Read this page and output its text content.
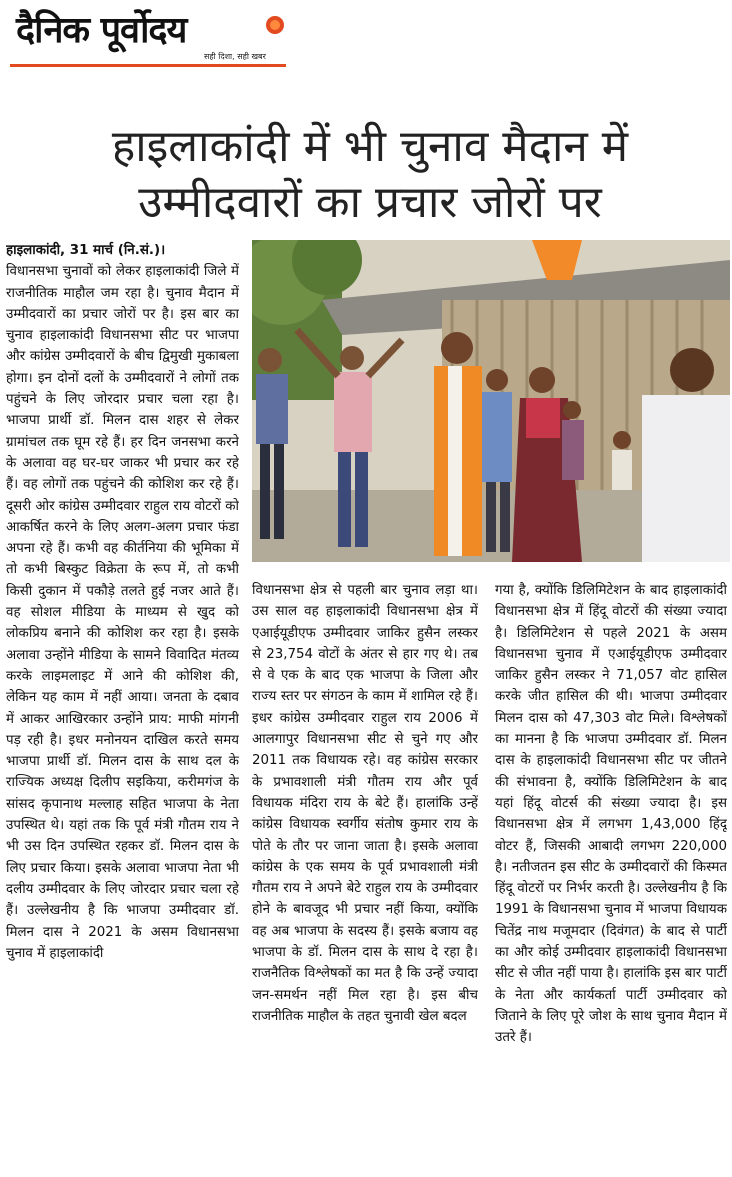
दैनिक पूर्वोदय
सही दिशा, सही खबर
हाइलाकांदी में भी चुनाव मैदान में
उम्मीदवारों का प्रचार जोरों पर

हाइलाकांदी, 31 मार्च (नि.सं.)।

विधानसभा चुनावों को लेकर हाइलाकांदी जिले में राजनीतिक माहौल जम रहा है। चुनाव मैदान में उम्मीदवारों का प्रचार जोरों पर है। इस बार का चुनाव हाइलाकांदी विधानसभा सीट पर भाजपा और कांग्रेस उम्मीदवारों के बीच द्विमुखी मुकाबला होगा। इन दोनों दलों के उम्मीदवारों ने लोगों तक पहुंचने के लिए जोरदार प्रचार चला रहा है। भाजपा प्रार्थी डॉ. मिलन दास शहर से लेकर ग्रामांचल तक घूम रहे हैं। हर दिन जनसभा करने के अलावा वह घर-घर जाकर भी प्रचार कर रहे हैं। वह लोगों तक पहुंचने की कोशिश कर रहे हैं। दूसरी ओर कांग्रेस उम्मीदवार राहुल राय वोटरों को आकर्षित करने के लिए अलग-अलग प्रचार फंडा अपना रहे हैं। कभी वह कीर्तनिया की भूमिका में तो कभी बिस्कुट विक्रेता के रूप में, तो कभी किसी दुकान में पकौड़े तलते हुई नजर आते हैं। वह सोशल मीडिया के माध्यम से खुद को लोकप्रिय बनाने की कोशिश कर रहा है। इसके अलावा उन्होंने मीडिया के सामने विवादित मंतव्य करके लाइमलाइट में आने की कोशिश की, लेकिन यह काम में नहीं आया। जनता के दबाव में आकर आखिरकार उन्होंने प्राय: माफी मांगनी पड़ रही है। इधर मनोनयन दाखिल करते समय भाजपा प्रार्थी डॉ. मिलन दास के साथ दल के राज्यिक अध्यक्ष दिलीप सइकिया, करीमगंज के सांसद कृपानाथ मल्लाह सहित भाजपा के नेता उपस्थित थे। यहां तक कि पूर्व मंत्री गौतम राय ने भी उस दिन उपस्थित रहकर डॉ. मिलन दास के लिए प्रचार किया। इसके अलावा भाजपा नेता भी दलीय उम्मीदवार के लिए जोरदार प्रचार चला रहे हैं। उल्लेखनीय है कि भाजपा उम्मीदवार डॉ. मिलन दास ने 2021 के असम विधानसभा चुनाव में हाइलाकांदी

विधानसभा क्षेत्र से पहली बार चुनाव लड़ा था। उस साल वह हाइलाकांदी विधानसभा क्षेत्र में एआईयूडीएफ उम्मीदवार जाकिर हुसैन लस्कर से 23,754 वोटों के अंतर से हार गए थे। तब से वे एक के बाद एक भाजपा के जिला और राज्य स्तर पर संगठन के काम में शामिल रहे हैं। इधर कांग्रेस उम्मीदवार राहुल राय 2006 में आलगापुर विधानसभा सीट से चुने गए और 2011 तक विधायक रहे। वह कांग्रेस सरकार के प्रभावशाली मंत्री गौतम राय और पूर्व विधायक मंदिरा राय के बेटे हैं। हालांकि उन्हें कांग्रेस विधायक स्वर्गीय संतोष कुमार राय के पोते के तौर पर जाना जाता है। इसके अलावा कांग्रेस के एक समय के पूर्व प्रभावशाली मंत्री गौतम राय ने अपने बेटे राहुल राय के उम्मीदवार होने के बावजूद भी प्रचार नहीं किया, क्योंकि वह अब भाजपा के सदस्य हैं। इसके बजाय वह भाजपा के डॉ. मिलन दास के साथ दे रहा है। राजनैतिक विश्लेषकों का मत है कि उन्हें ज्यादा जन-समर्थन नहीं मिल रहा है। इस बीच राजनीतिक माहौल के तहत चुनावी खेल बदल

गया है, क्योंकि डिलिमिटेशन के बाद हाइलाकांदी विधानसभा क्षेत्र में हिंदू वोटरों की संख्या ज्यादा है। डिलिमिटेशन से पहले 2021 के असम विधानसभा चुनाव में एआईयूडीएफ उम्मीदवार जाकिर हुसैन लस्कर ने 71,057 वोट हासिल करके जीत हासिल की थी। भाजपा उम्मीदवार मिलन दास को 47,303 वोट मिले। विश्लेषकों का मानना है कि भाजपा उम्मीदवार डॉ. मिलन दास के हाइलाकांदी विधानसभा सीट पर जीतने की संभावना है, क्योंकि डिलिमिटेशन के बाद यहां हिंदू वोटर्स की संख्या ज्यादा है। इस विधानसभा क्षेत्र में लगभग 1,43,000 हिंदू वोटर हैं, जिसकी आबादी लगभग 220,000 है। नतीजतन इस सीट के उम्मीदवारों की किस्मत हिंदू वोटरों पर निर्भर करती है। उल्लेखनीय है कि 1991 के विधानसभा चुनाव में भाजपा विधायक चितेंद्र नाथ मजूमदार (दिवंगत) के बाद से पार्टी का और कोई उम्मीदवार हाइलाकांदी विधानसभा सीट से जीत नहीं पाया है। हालांकि इस बार पार्टी के नेता और कार्यकर्ता पार्टी उम्मीदवार को जिताने के लिए पूरे जोश के साथ चुनाव मैदान में उतरे हैं।
